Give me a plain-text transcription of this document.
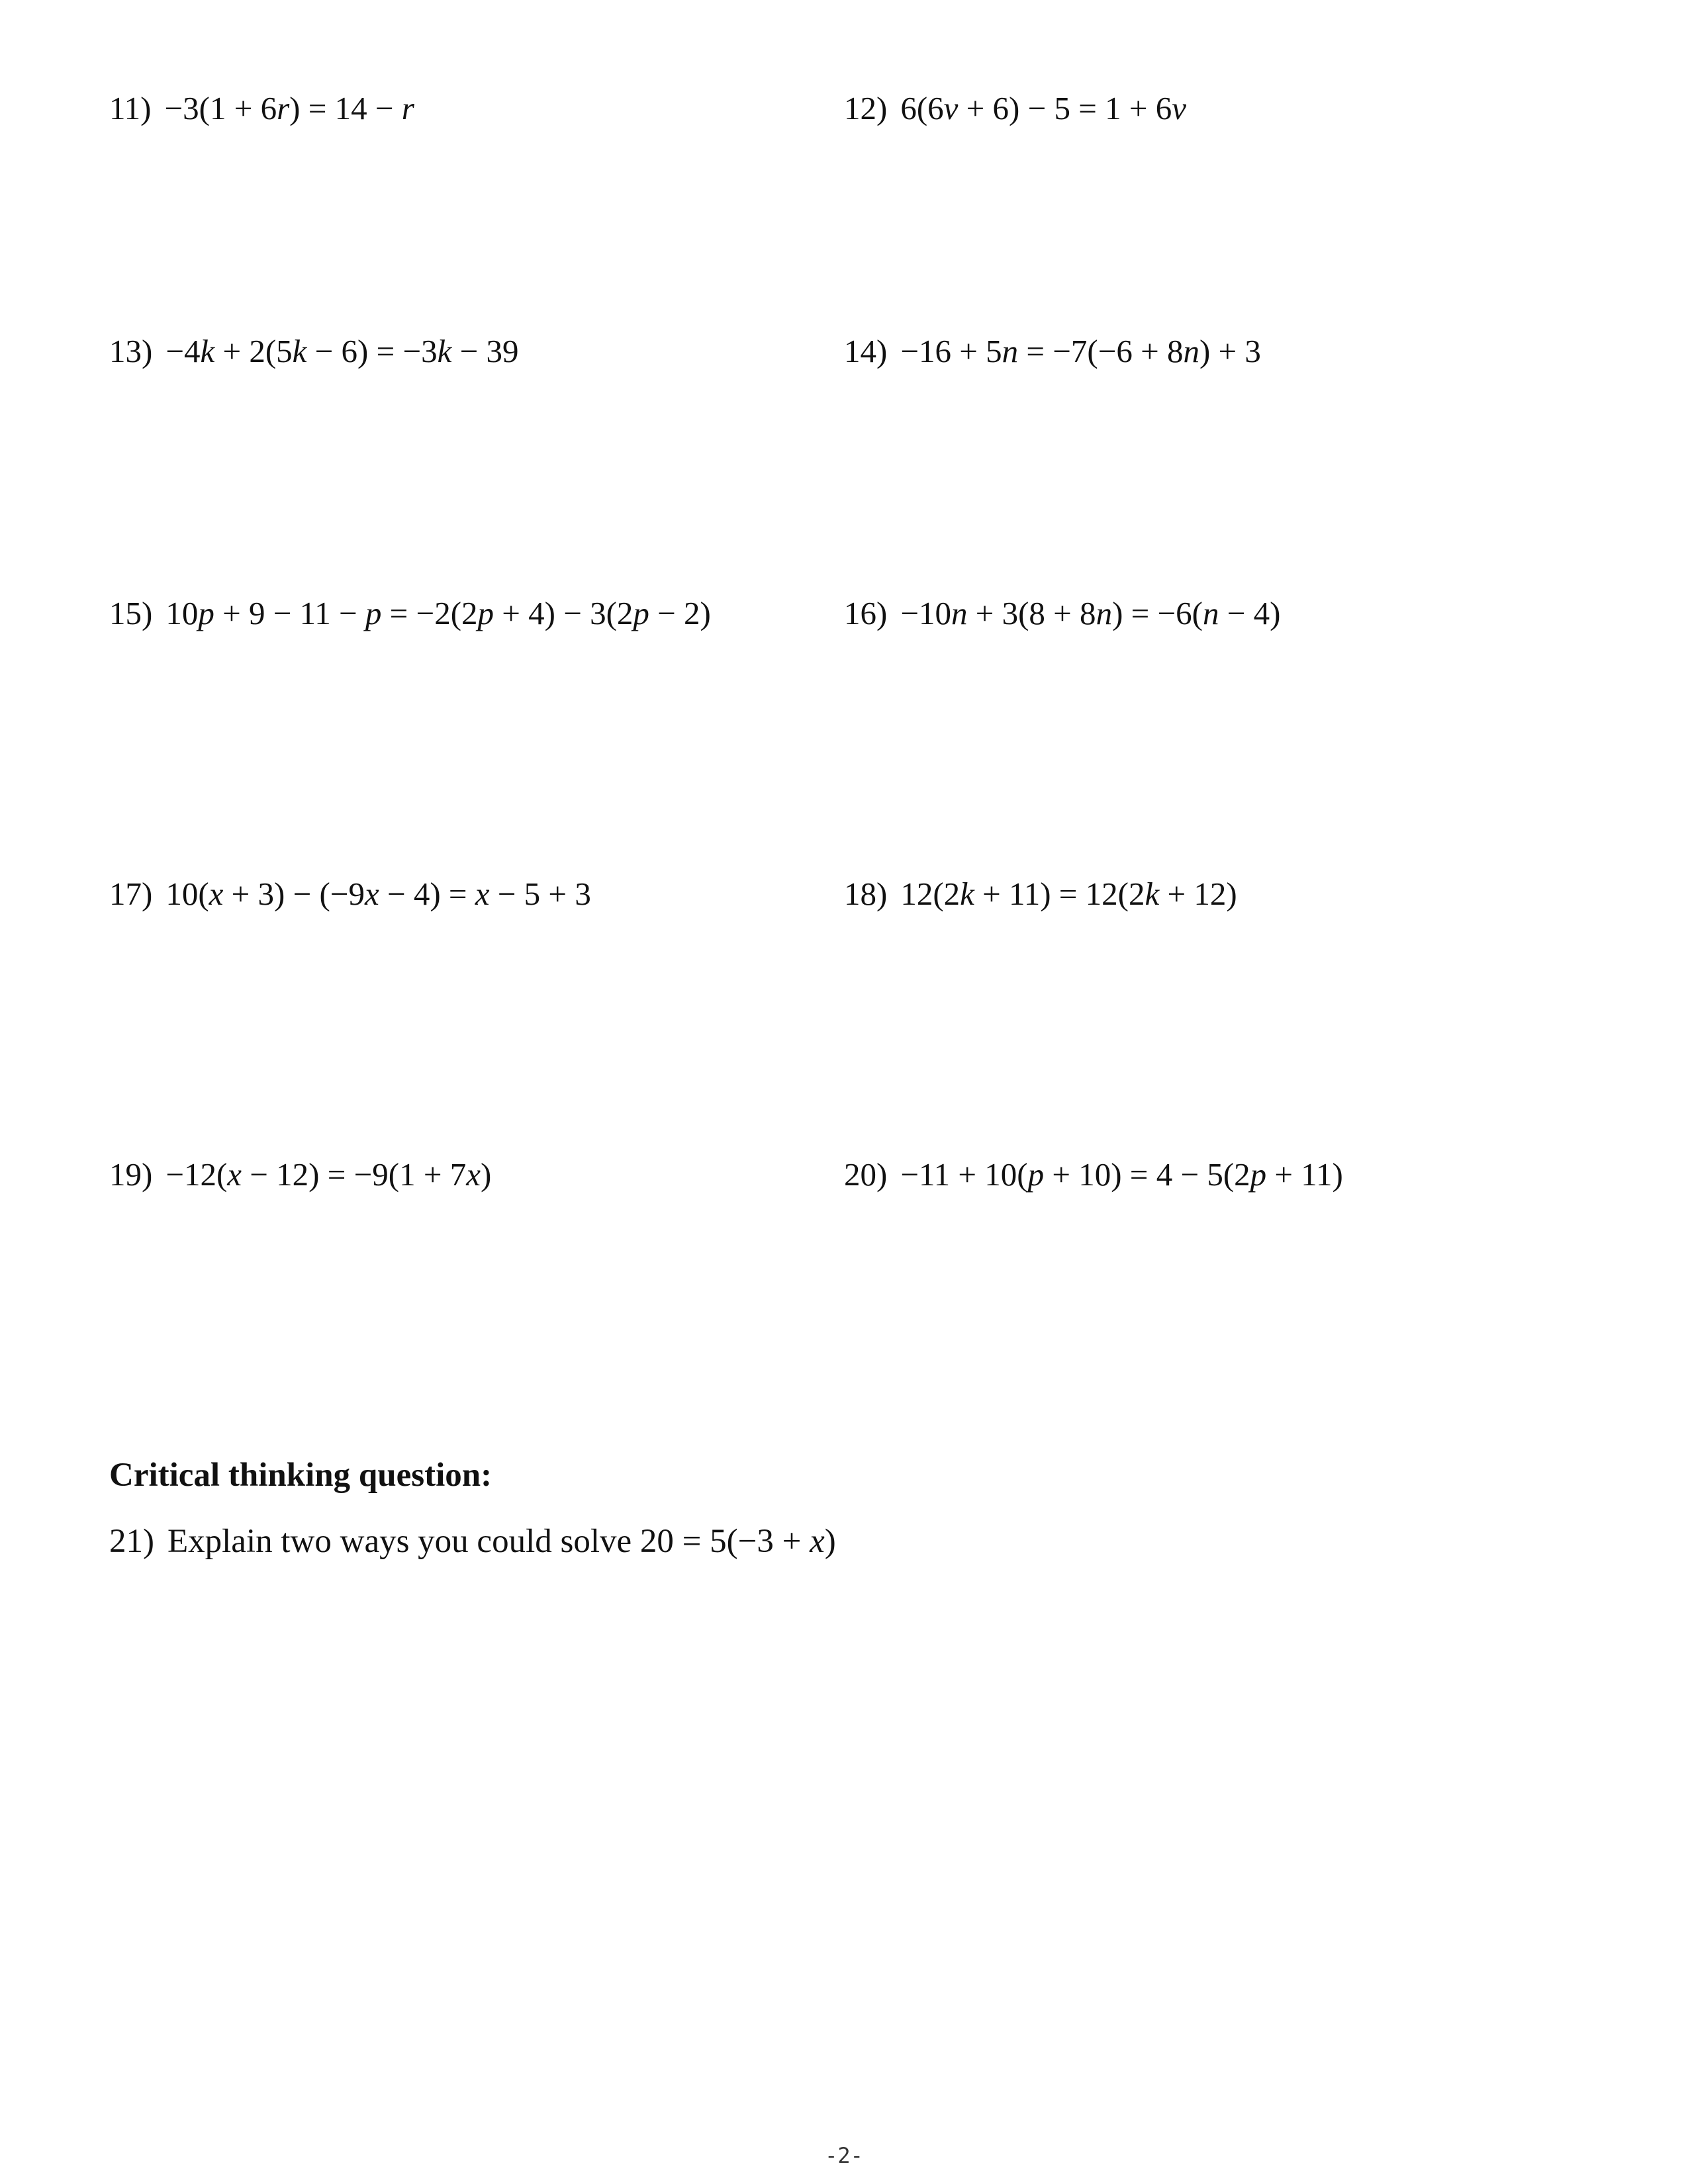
11) −3(1 + 6r) = 14 − r	12) 6(6v + 6) − 5 = 1 + 6v
13) −4k + 2(5k − 6) = −3k − 39	14) −16 + 5n = −7(−6 + 8n) + 3
15) 10p + 9 − 11 − p = −2(2p + 4) − 3(2p − 2)	16) −10n + 3(8 + 8n) = −6(n − 4)
17) 10(x + 3) − (−9x − 4) = x − 5 + 3	18) 12(2k + 11) = 12(2k + 12)
19) −12(x − 12) = −9(1 + 7x)	20) −11 + 10(p + 10) = 4 − 5(2p + 11)
Critical thinking question:
21) Explain two ways you could solve 20 = 5(−3 + x)
-2-
